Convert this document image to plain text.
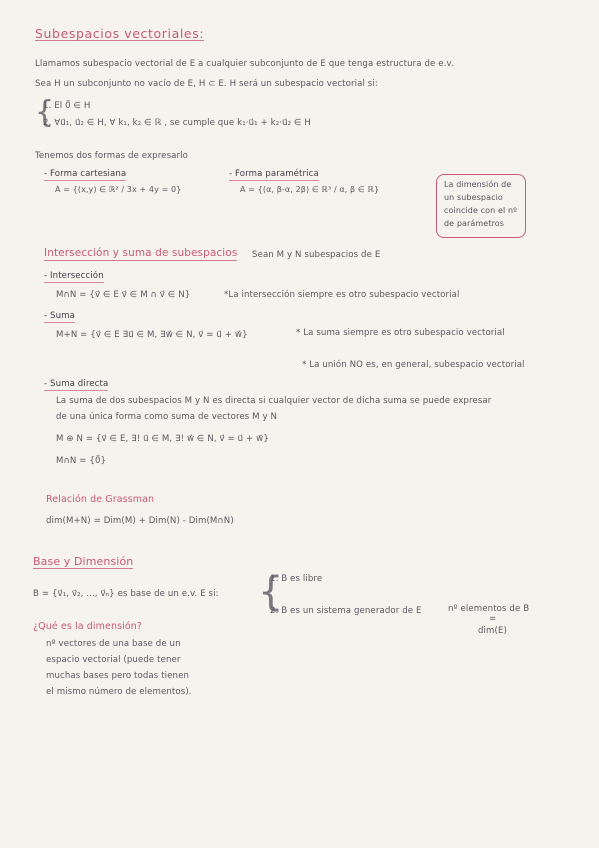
Subespacios vectoriales:
Llamamos subespacio vectorial de E a cualquier subconjunto de E que tenga estructura de e.v.
Sea H un subconjunto no vacío de E, H ⊂ E. H será un subespacio vectorial si:
{
1. El 0⃗ ∈ H
2. ∀u⃗₁, u⃗₂ ∈ H, ∀ k₁, k₂ ∈ ℝ , se cumple que k₁·u⃗₁ + k₂·u⃗₂ ∈ H
Tenemos dos formas de expresarlo
- Forma cartesiana
A = {(x,y) ∈ ℝ² / 3x + 4y = 0}
- Forma paramétrica
A = {(α, β-α, 2β) ∈ ℝ³ / α, β ∈ ℝ}
La dimensión de
un subespacio
coincide con el nº
de parámetros
Intersección y suma de subespacios Sean M y N subespacios de E
- Intersección
M∩N = {v⃗ ∈ E v⃗ ∈ M ∩ v⃗ ∈ N}	*La intersección siempre es otro subespacio vectorial
- Suma
M+N = {v⃗ ∈ E ∃u⃗ ∈ M, ∃w⃗ ∈ N, v⃗ = u⃗ + w⃗}	* La suma siempre es otro subespacio vectorial
* La unión NO es, en general, subespacio vectorial
- Suma directa
La suma de dos subespacios M y N es directa si cualquier vector de dicha suma se puede expresar
de una única forma como suma de vectores M y N
M ⊕ N = {v⃗ ∈ E, ∃! u⃗ ∈ M, ∃! w⃗ ∈ N, v⃗ = u⃗ + w⃗}
M∩N = {0⃗}
Relación de Grassman
dim(M+N) = Dim(M) + Dim(N) - Dim(M∩N)
Base y Dimensión
B = {v⃗₁, v⃗₂, ..., v⃗ₙ} es base de un e.v. E si: {
1. B es libre
2. B es un sistema generador de E	nº elementos de B
=
dim(E)
¿Qué es la dimensión?
nº vectores de una base de un
espacio vectorial (puede tener
muchas bases pero todas tienen
el mismo número de elementos).
